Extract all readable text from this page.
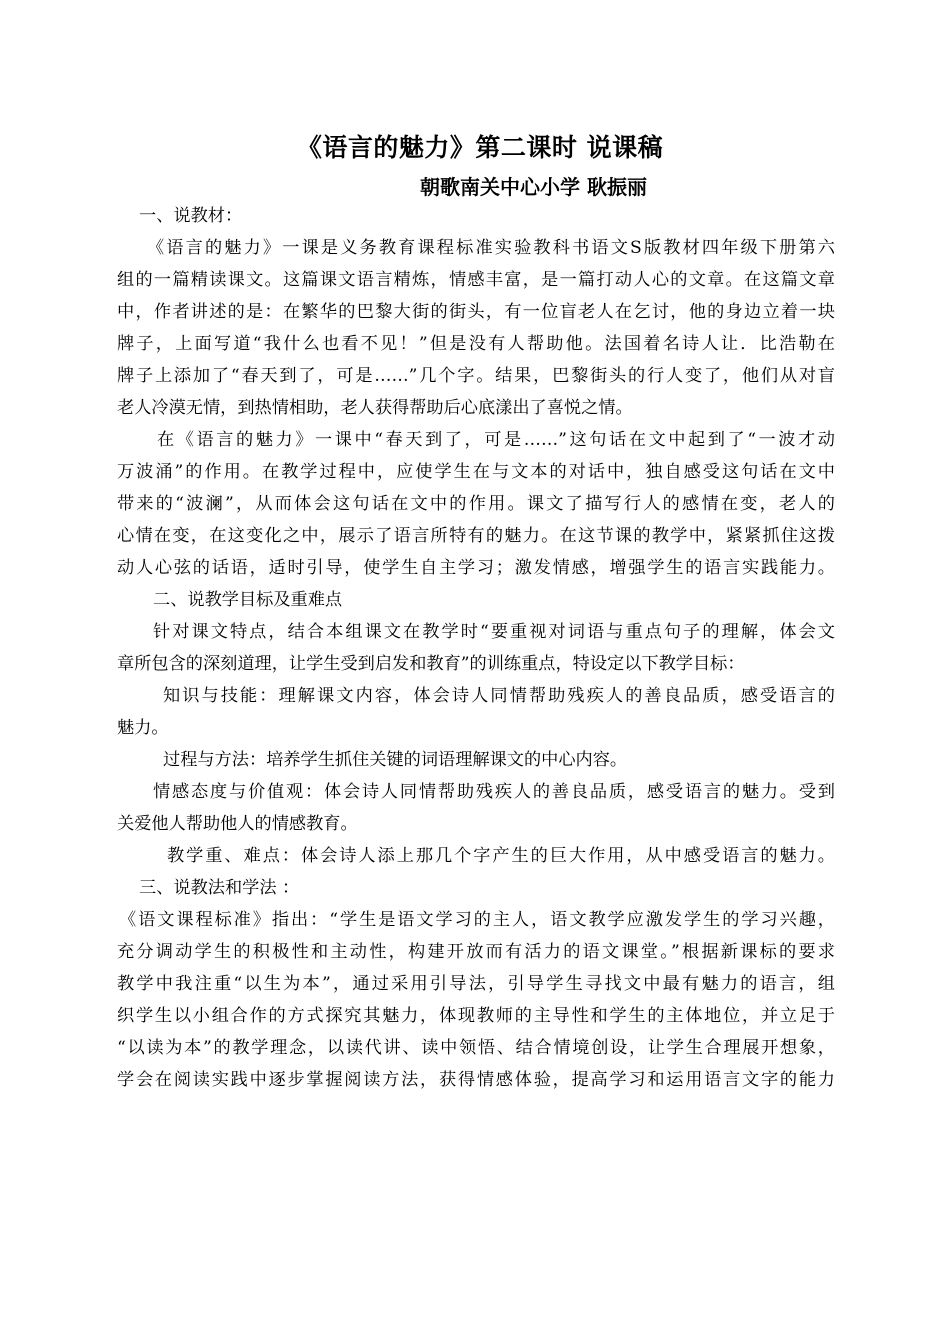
《语言的魅力》第二课时 说课稿
朝歌南关中心小学 耿振丽
一、说教材：
《语言的魅力》一课是义务教育课程标准实验教科书语文S版教材四年级下册第六
组的一篇精读课文。这篇课文语言精炼，情感丰富，是一篇打动人心的文章。在这篇文章
中，作者讲述的是：在繁华的巴黎大街的街头，有一位盲老人在乞讨，他的身边立着一块
牌子，上面写道“我什么也看不见！”但是没有人帮助他。法国着名诗人让．比浩勒在
牌子上添加了“春天到了，可是……”几个字。结果，巴黎街头的行人变了，他们从对盲
老人冷漠无情，到热情相助，老人获得帮助后心底漾出了喜悦之情。
在《语言的魅力》一课中“春天到了，可是……”这句话在文中起到了“一波才动
万波涌”的作用。在教学过程中，应使学生在与文本的对话中，独自感受这句话在文中
带来的“波澜”，从而体会这句话在文中的作用。课文了描写行人的感情在变，老人的
心情在变，在这变化之中，展示了语言所特有的魅力。在这节课的教学中，紧紧抓住这拨
动人心弦的话语，适时引导，使学生自主学习；激发情感，增强学生的语言实践能力。
二、说教学目标及重难点
针对课文特点，结合本组课文在教学时“要重视对词语与重点句子的理解，体会文
章所包含的深刻道理，让学生受到启发和教育”的训练重点，特设定以下教学目标：
知识与技能：理解课文内容，体会诗人同情帮助残疾人的善良品质，感受语言的
魅力。
过程与方法：培养学生抓住关键的词语理解课文的中心内容。
情感态度与价值观：体会诗人同情帮助残疾人的善良品质，感受语言的魅力。受到
关爱他人帮助他人的情感教育。
教学重、难点：体会诗人添上那几个字产生的巨大作用，从中感受语言的魅力。
三、说教法和学法 ：
《语文课程标准》指出：“学生是语文学习的主人，语文教学应激发学生的学习兴趣，
充分调动学生的积极性和主动性，构建开放而有活力的语文课堂。”根据新课标的要求
教学中我注重“以生为本”，通过采用引导法，引导学生寻找文中最有魅力的语言，组
织学生以小组合作的方式探究其魅力，体现教师的主导性和学生的主体地位，并立足于
“以读为本”的教学理念，以读代讲、读中领悟、结合情境创设，让学生合理展开想象，
学会在阅读实践中逐步掌握阅读方法，获得情感体验，提高学习和运用语言文字的能力
